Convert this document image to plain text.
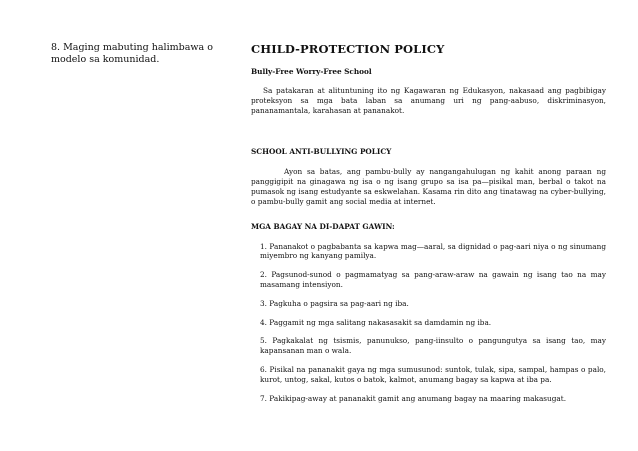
8. Maging mabuting halimbawa o modelo sa komunidad.

CHILD-PROTECTION POLICY

Bully-Free Worry-Free School

Sa patakaran at alituntuning ito ng Kagawaran ng Edukasyon, nakasaad ang pagbibigay proteksyon sa mga bata laban sa anumang uri ng pang-aabuso, diskriminasyon, pananamantala, karahasan at pananakot.

SCHOOL ANTI-BULLYING POLICY

Ayon sa batas, ang pambu-bully ay nangangahulugan ng kahit anong paraan ng panggigipit na ginagawa ng isa o ng isang grupo sa isa pa—pisikal man, berbal o takot na pumasok ng isang estudyante sa eskwelahan. Kasama rin dito ang tinatawag na cyber-bullying, o pambu-bully gamit ang social media at internet.

MGA BAGAY NA DI-DAPAT GAWIN:

1. Pananakot o pagbabanta sa kapwa mag—aaral, sa dignidad o pag-aari niya o ng sinumang miyembro ng kanyang pamilya.

2. Pagsunod-sunod o pagmamatyag sa pang-araw-araw na gawain ng isang tao na may masamang intensiyon.

3. Pagkuha o pagsira sa pag-aari ng iba.

4. Paggamit ng mga salitang nakasasakit sa damdamin ng iba.

5. Pagkakalat ng tsismis, panunukso, pang-iinsulto o pangungutya sa isang tao, may kapansanan man o wala.

6. Pisikal na pananakit gaya ng mga sumusunod: suntok, tulak, sipa, sampal, hampas o palo, kurot, untog, sakal, kutos o batok, kalmot, anumang bagay sa kapwa at iba pa.

7. Pakikipag-away at pananakit gamit ang anumang bagay na maaring makasugat.
